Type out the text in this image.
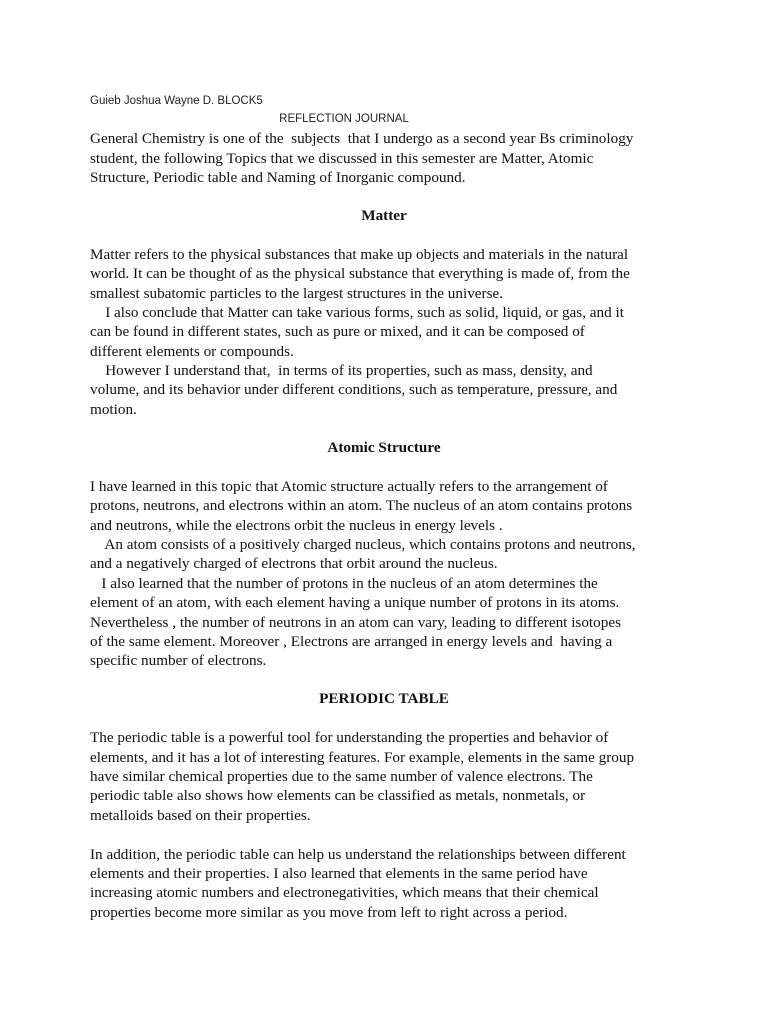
Guieb Joshua Wayne D. BLOCK5
REFLECTION JOURNAL
General Chemistry is one of the  subjects  that I undergo as a second year Bs criminology
student, the following Topics that we discussed in this semester are Matter, Atomic
Structure, Periodic table and Naming of Inorganic compound.
Matter
Matter refers to the physical substances that make up objects and materials in the natural
world. It can be thought of as the physical substance that everything is made of, from the
smallest subatomic particles to the largest structures in the universe.
I also conclude that Matter can take various forms, such as solid, liquid, or gas, and it
can be found in different states, such as pure or mixed, and it can be composed of
different elements or compounds.
However I understand that,  in terms of its properties, such as mass, density, and
volume, and its behavior under different conditions, such as temperature, pressure, and
motion.
Atomic Structure
I have learned in this topic that Atomic structure actually refers to the arrangement of
protons, neutrons, and electrons within an atom. The nucleus of an atom contains protons
and neutrons, while the electrons orbit the nucleus in energy levels .
An atom consists of a positively charged nucleus, which contains protons and neutrons,
and a negatively charged of electrons that orbit around the nucleus.
I also learned that the number of protons in the nucleus of an atom determines the
element of an atom, with each element having a unique number of protons in its atoms.
Nevertheless , the number of neutrons in an atom can vary, leading to different isotopes
of the same element. Moreover , Electrons are arranged in energy levels and  having a
specific number of electrons.
PERIODIC TABLE
The periodic table is a powerful tool for understanding the properties and behavior of
elements, and it has a lot of interesting features. For example, elements in the same group
have similar chemical properties due to the same number of valence electrons. The
periodic table also shows how elements can be classified as metals, nonmetals, or
metalloids based on their properties.
In addition, the periodic table can help us understand the relationships between different
elements and their properties. I also learned that elements in the same period have
increasing atomic numbers and electronegativities, which means that their chemical
properties become more similar as you move from left to right across a period.
